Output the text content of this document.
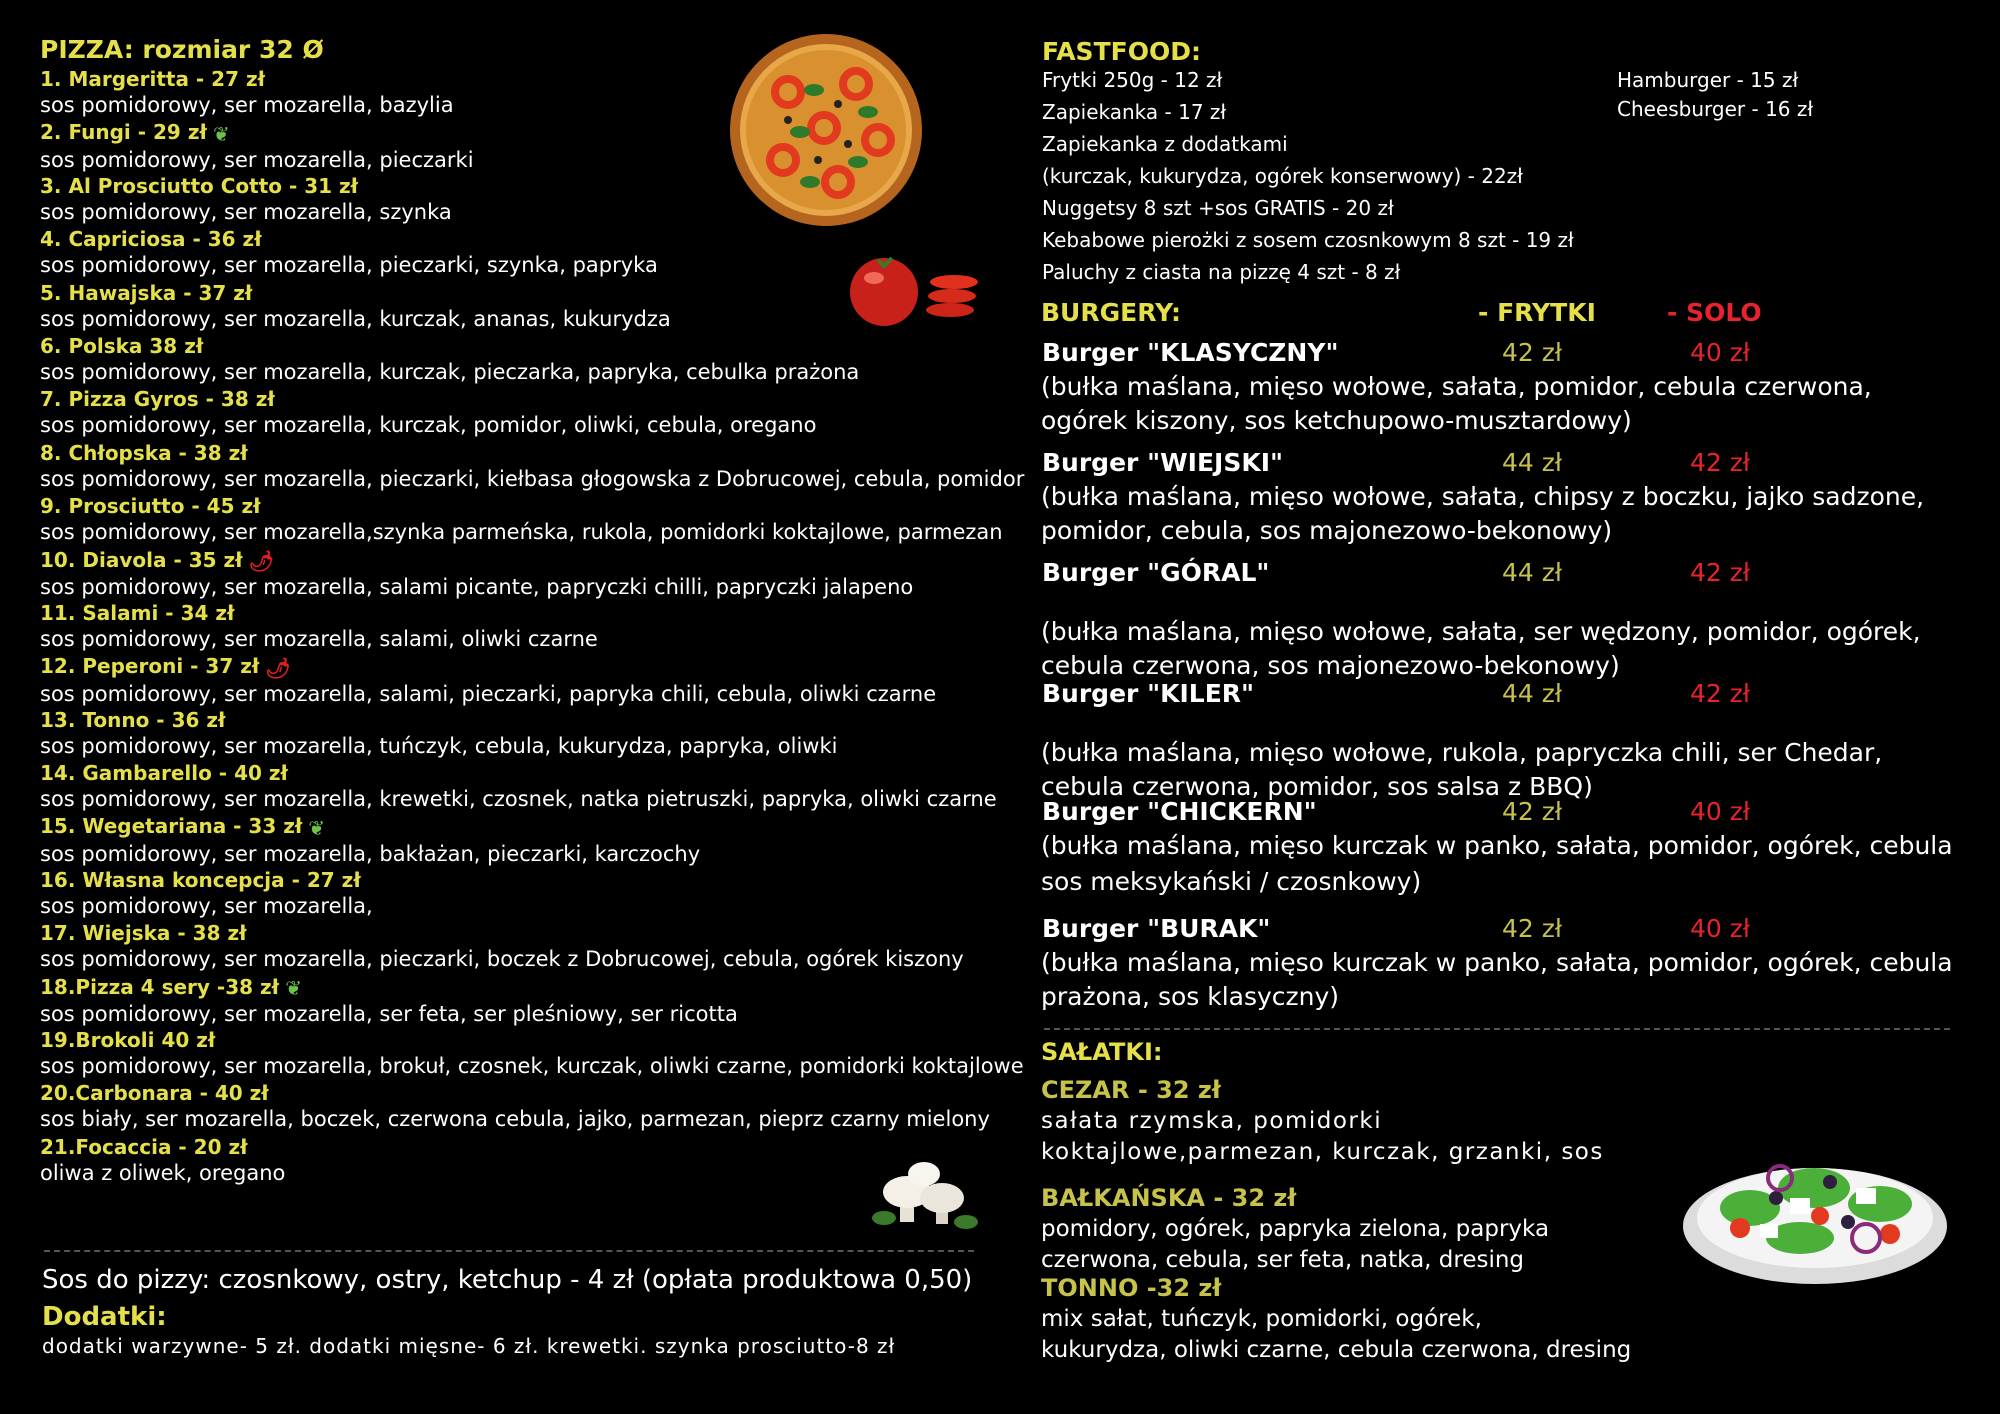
PIZZA: rozmiar 32 Ø
1. Margeritta - 27 zł
sos pomidorowy, ser mozarella, bazylia
2. Fungi - 29 zł ❦
sos pomidorowy, ser mozarella, pieczarki
3. Al Prosciutto Cotto - 31 zł
sos pomidorowy, ser mozarella, szynka
4. Capriciosa - 36 zł
sos pomidorowy, ser mozarella, pieczarki, szynka, papryka
5. Hawajska - 37 zł
sos pomidorowy, ser mozarella, kurczak, ananas, kukurydza
6. Polska 38 zł
sos pomidorowy, ser mozarella, kurczak, pieczarka, papryka, cebulka prażona
7. Pizza Gyros - 38 zł
sos pomidorowy, ser mozarella, kurczak, pomidor, oliwki, cebula, oregano
8. Chłopska - 38 zł
sos pomidorowy, ser mozarella, pieczarki, kiełbasa głogowska z Dobrucowej, cebula, pomidor
9. Prosciutto - 45 zł
sos pomidorowy, ser mozarella,szynka parmeńska, rukola, pomidorki koktajlowe, parmezan
10. Diavola - 35 zł 🌶
sos pomidorowy, ser mozarella, salami picante, papryczki chilli, papryczki jalapeno
11. Salami - 34 zł
sos pomidorowy, ser mozarella, salami, oliwki czarne
12. Peperoni - 37 zł 🌶
sos pomidorowy, ser mozarella, salami, pieczarki, papryka chili, cebula, oliwki czarne
13. Tonno - 36 zł
sos pomidorowy, ser mozarella, tuńczyk, cebula, kukurydza, papryka, oliwki
14. Gambarello - 40 zł
sos pomidorowy, ser mozarella, krewetki, czosnek, natka pietruszki, papryka, oliwki czarne
15. Wegetariana - 33 zł ❦
sos pomidorowy, ser mozarella, bakłażan, pieczarki, karczochy
16. Własna koncepcja - 27 zł
sos pomidorowy, ser mozarella,
17. Wiejska - 38 zł
sos pomidorowy, ser mozarella, pieczarki, boczek z Dobrucowej, cebula, ogórek kiszony
18.Pizza 4 sery -38 zł ❦
sos pomidorowy, ser mozarella, ser feta, ser pleśniowy, ser ricotta
19.Brokoli 40 zł
sos pomidorowy, ser mozarella, brokuł, czosnek, kurczak, oliwki czarne, pomidorki koktajlowe
20.Carbonara - 40 zł
sos biały, ser mozarella, boczek, czerwona cebula, jajko, parmezan, pieprz czarny mielony
21.Focaccia - 20 zł
oliwa z oliwek, oregano
Sos do pizzy: czosnkowy, ostry, ketchup - 4 zł (opłata produktowa 0,50)
Dodatki:
dodatki warzywne- 5 zł. dodatki mięsne- 6 zł. krewetki. szynka prosciutto-8 zł
FASTFOOD:
Frytki 250g - 12 zł
Zapiekanka - 17 zł
Zapiekanka z dodatkami
(kurczak, kukurydza, ogórek konserwowy) - 22zł
Nuggetsy 8 szt +sos GRATIS - 20 zł
Kebabowe pierożki z sosem czosnkowym 8 szt - 19 zł
Paluchy z ciasta na pizzę 4 szt - 8 zł
Hamburger - 15 zł
Cheesburger - 16 zł
BURGERY:	- FRYTKI	- SOLO
Burger "KLASYCZNY"	42 zł	40 zł
(bułka maślana, mięso wołowe, sałata, pomidor, cebula czerwona,
ogórek kiszony, sos ketchupowo-musztardowy)
Burger "WIEJSKI"	44 zł	42 zł
(bułka maślana, mięso wołowe, sałata, chipsy z boczku, jajko sadzone,
pomidor, cebula, sos majonezowo-bekonowy)
Burger "GÓRAL"	44 zł	42 zł
(bułka maślana, mięso wołowe, sałata, ser wędzony, pomidor, ogórek,
cebula czerwona, sos majonezowo-bekonowy)
Burger "KILER"	44 zł	42 zł
(bułka maślana, mięso wołowe, rukola, papryczka chili, ser Chedar,
cebula czerwona, pomidor, sos salsa z BBQ)
Burger "CHICKERN"	42 zł	40 zł
(bułka maślana, mięso kurczak w panko, sałata, pomidor, ogórek, cebula
sos meksykański / czosnkowy)
Burger "BURAK"	42 zł	40 zł
(bułka maślana, mięso kurczak w panko, sałata, pomidor, ogórek, cebula
prażona, sos klasyczny)
SAŁATKI:
CEZAR - 32 zł
sałata rzymska, pomidorki
koktajlowe,parmezan, kurczak, grzanki, sos
BAŁKAŃSKA - 32 zł
pomidory, ogórek, papryka zielona, papryka
czerwona, cebula, ser feta, natka, dresing
TONNO -32 zł
mix sałat, tuńczyk, pomidorki, ogórek,
kukurydza, oliwki czarne, cebula czerwona, dresing
